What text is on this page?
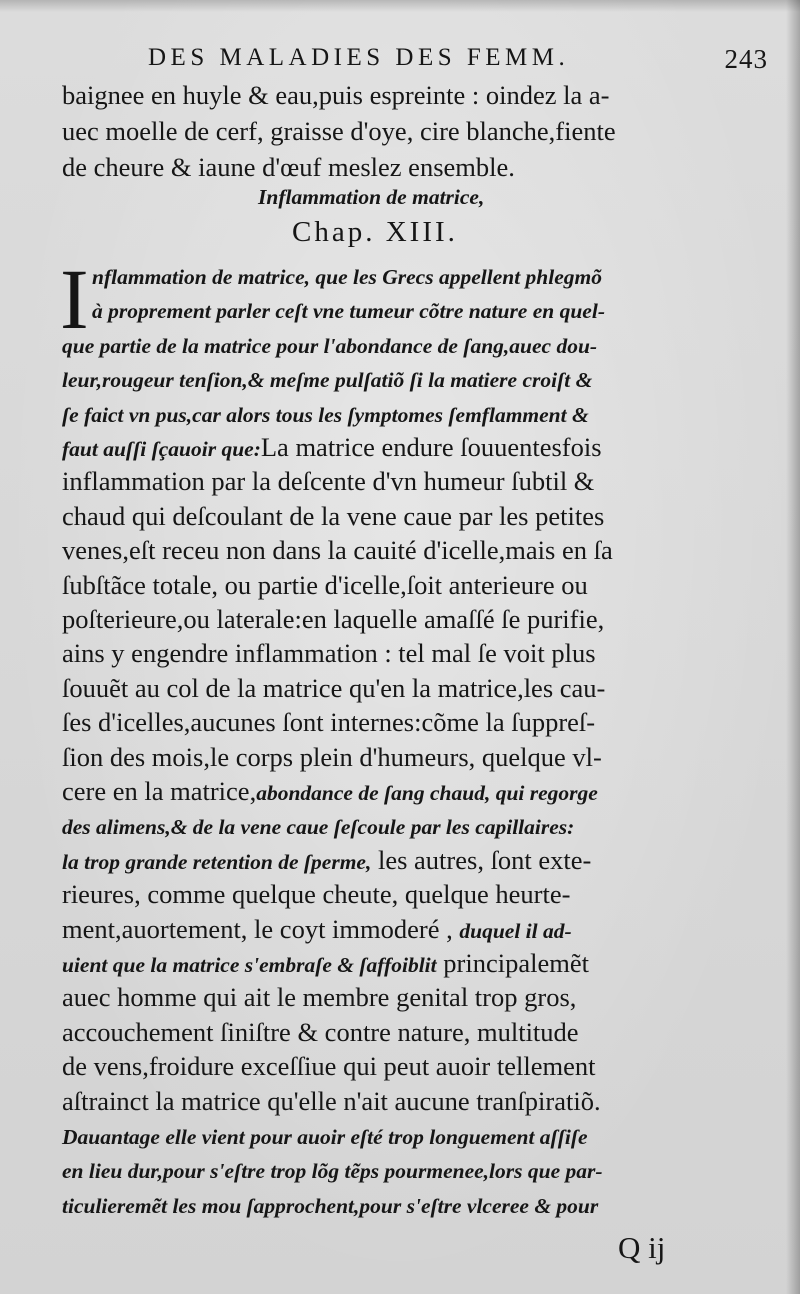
DES MALADIES DES FEMM.	243
baignee en huyle & eau,puis espreinte : oindez la a-
uec moelle de cerf, graisse d'oye, cire blanche,fiente
de cheure & iaune d'œuf meslez ensemble.
Inflammation de matrice,
Chap. XIII.
I nflammation de matrice, que les Grecs appellent phlegmõ
à proprement parler ceſt vne tumeur cõtre nature en quel-
que partie de la matrice pour l'abondance de ſang,auec dou-
leur,rougeur tenſion,& meſme pulſatiõ ſi la matiere croiſt &
ſe faict vn pus,car alors tous les ſymptomes ſemflamment &
faut auſſi ſçauoir que:La matrice endure ſouuentesfois
inflammation par la deſcente d'vn humeur ſubtil &
chaud qui deſcoulant de la vene caue par les petites
venes,eſt receu non dans la cauité d'icelle,mais en ſa
ſubſtãce totale, ou partie d'icelle,ſoit anterieure ou
poſterieure,ou laterale:en laquelle amaſſé ſe purifie,
ains y engendre inflammation : tel mal ſe voit plus
ſouuẽt au col de la matrice qu'en la matrice,les cau-
ſes d'icelles,aucunes ſont internes:cõme la ſuppreſ-
ſion des mois,le corps plein d'humeurs, quelque vl-
cere en la matrice,abondance de ſang chaud, qui regorge
des alimens,& de la vene caue ſeſcoule par les capillaires:
la trop grande retention de ſperme, les autres, ſont exte-
rieures, comme quelque cheute, quelque heurte-
ment,auortement, le coyt immoderé , duquel il ad-
uient que la matrice s'embraſe & ſaffoiblit principalemẽt
auec homme qui ait le membre genital trop gros,
accouchement ſiniſtre & contre nature, multitude
de vens,froidure exceſſiue qui peut auoir tellement
aſtrainct la matrice qu'elle n'ait aucune tranſpiratiõ.
Dauantage elle vient pour auoir eſté trop longuement aſſiſe
en lieu dur,pour s'eſtre trop lõg tẽps pourmenee,lors que par-
ticulieremẽt les mou ſapprochent,pour s'eſtre vlceree & pour
Q ij
